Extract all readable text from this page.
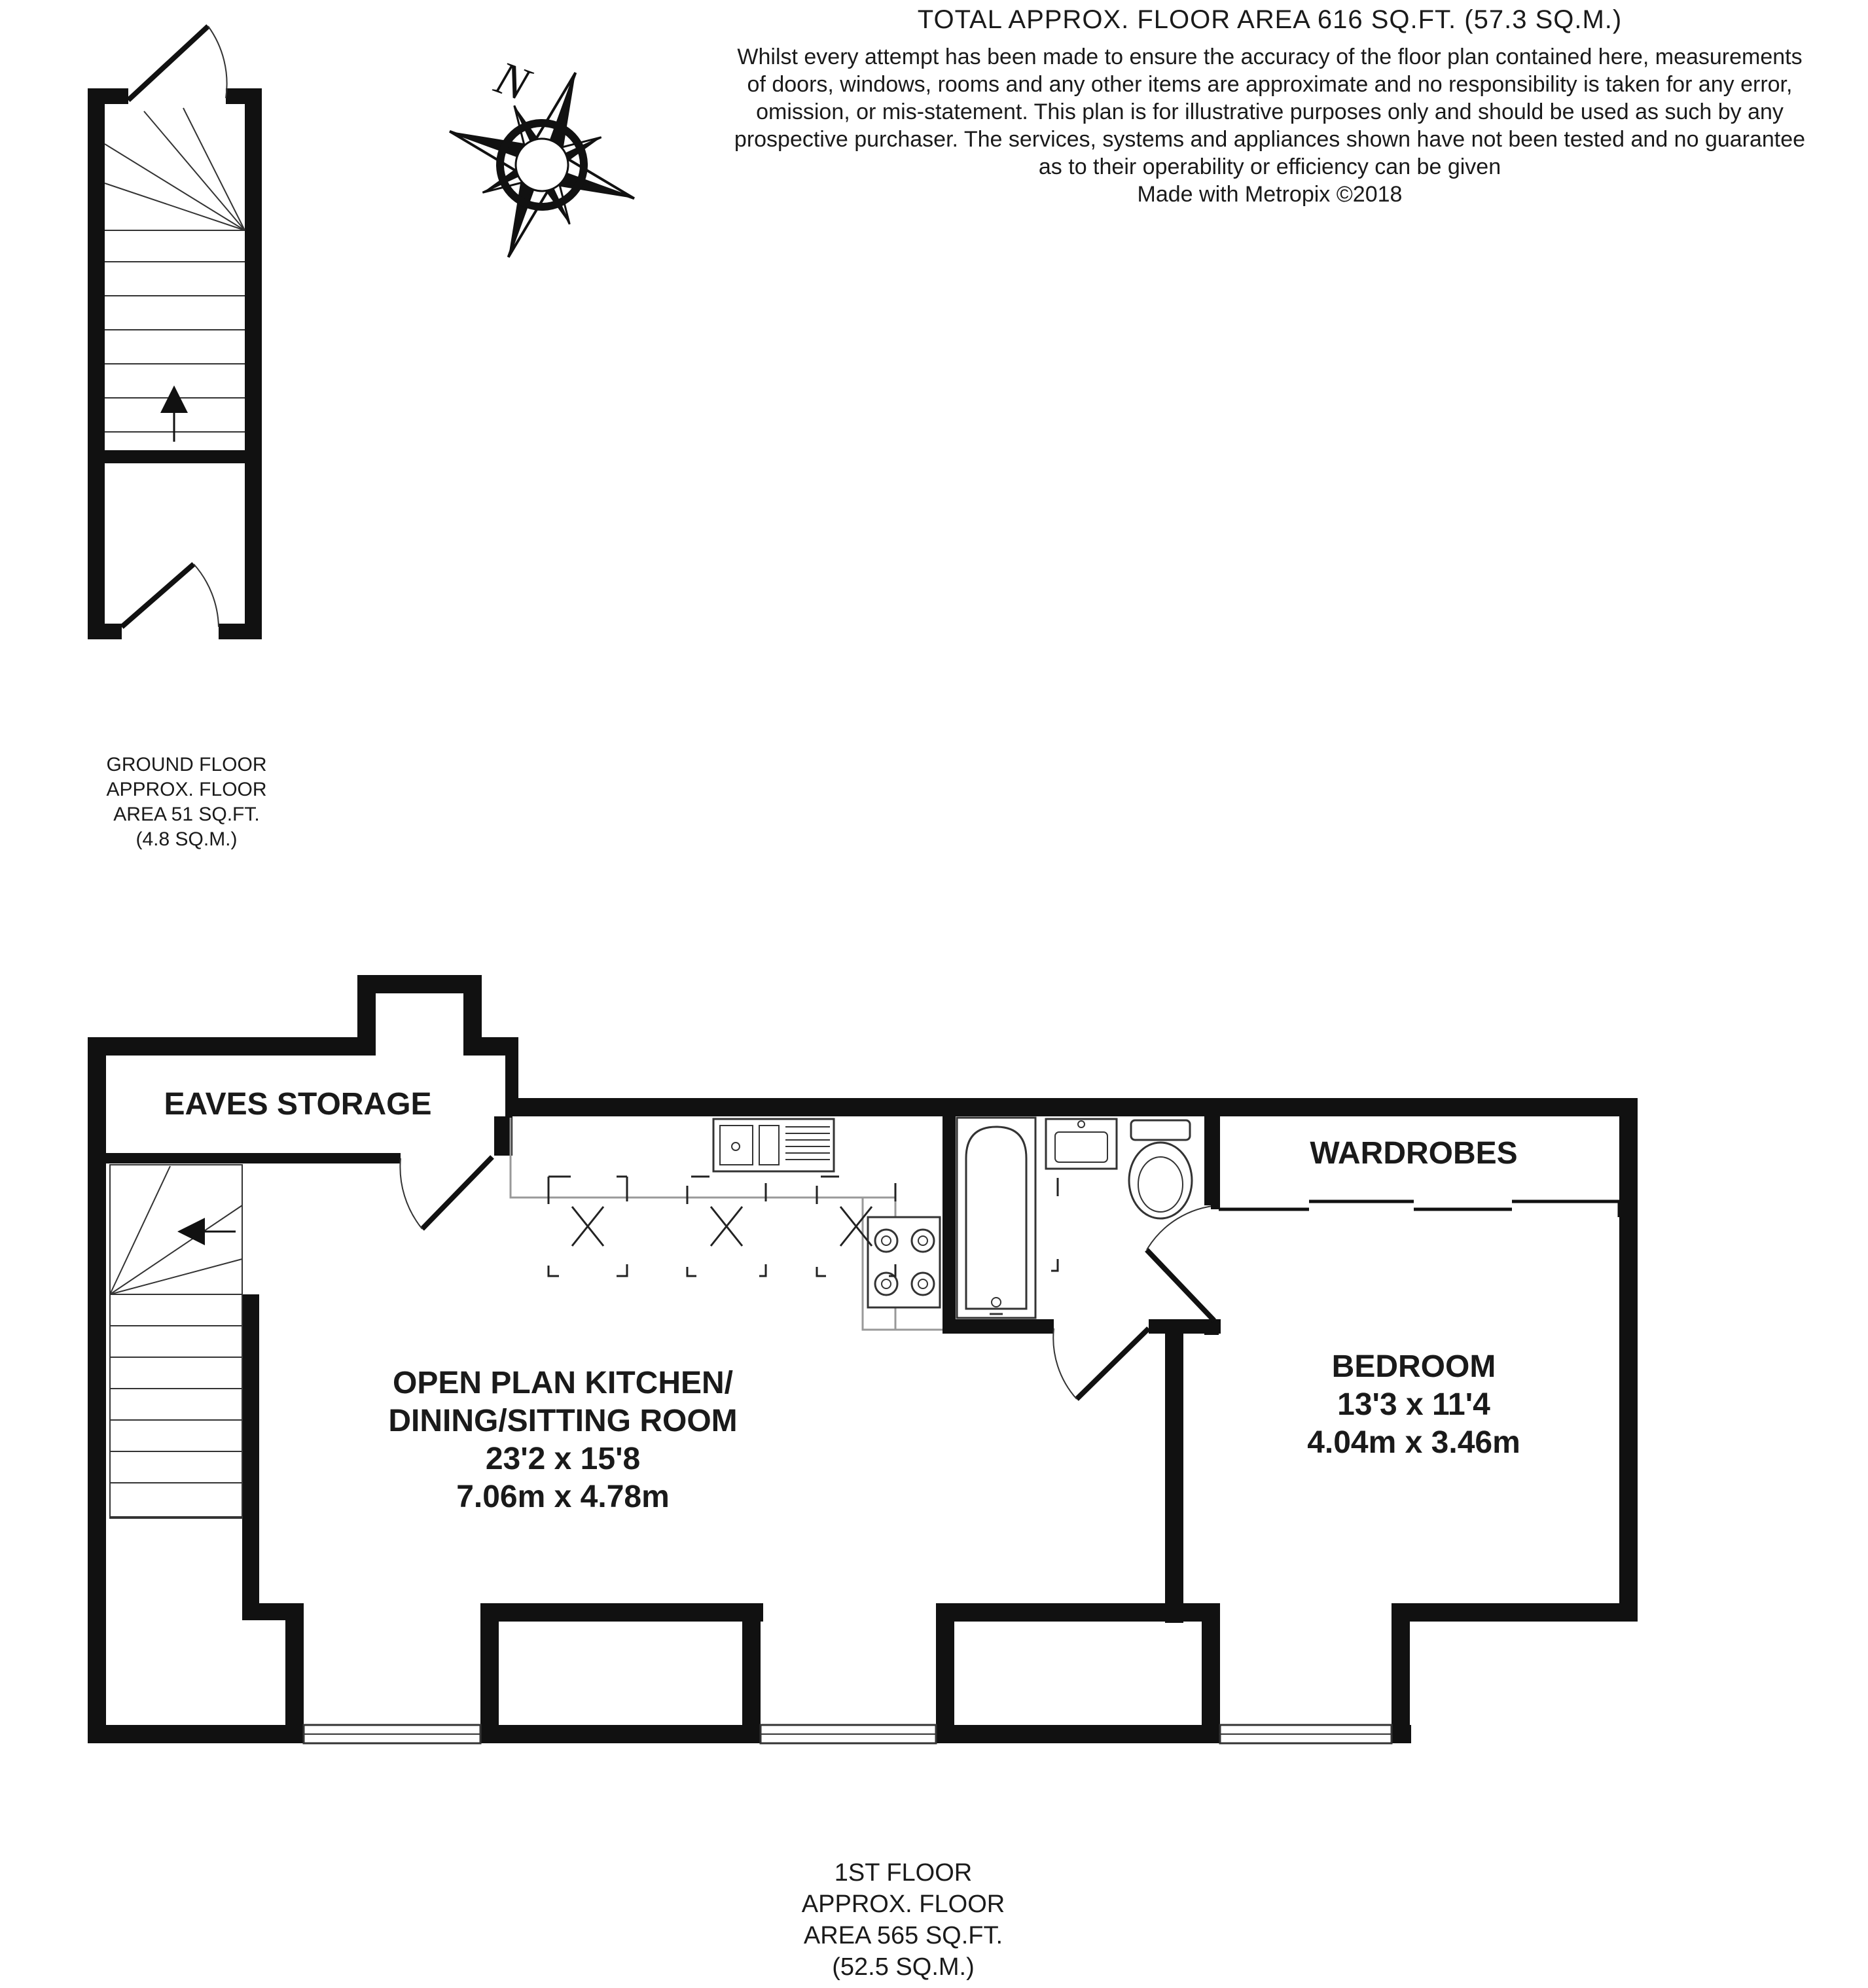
N
TOTAL APPROX. FLOOR AREA 616 SQ.FT. (57.3 SQ.M.)
Whilst every attempt has been made to ensure the accuracy of the floor plan contained here, measurements
of doors, windows, rooms and any other items are approximate and no responsibility is taken for any error,
omission, or mis-statement. This plan is for illustrative purposes only and should be used as such by any
prospective purchaser. The services, systems and appliances shown have not been tested and no guarantee
as to their operability or efficiency can be given
Made with Metropix ©2018
GROUND FLOOR
APPROX. FLOOR
AREA 51 SQ.FT.
(4.8 SQ.M.)
1ST FLOOR
APPROX. FLOOR
AREA 565 SQ.FT.
(52.5 SQ.M.)
EAVES STORAGE
WARDROBES
OPEN PLAN KITCHEN/
DINING/SITTING ROOM
23'2 x 15'8
7.06m x 4.78m
BEDROOM
13'3 x 11'4
4.04m x 3.46m
